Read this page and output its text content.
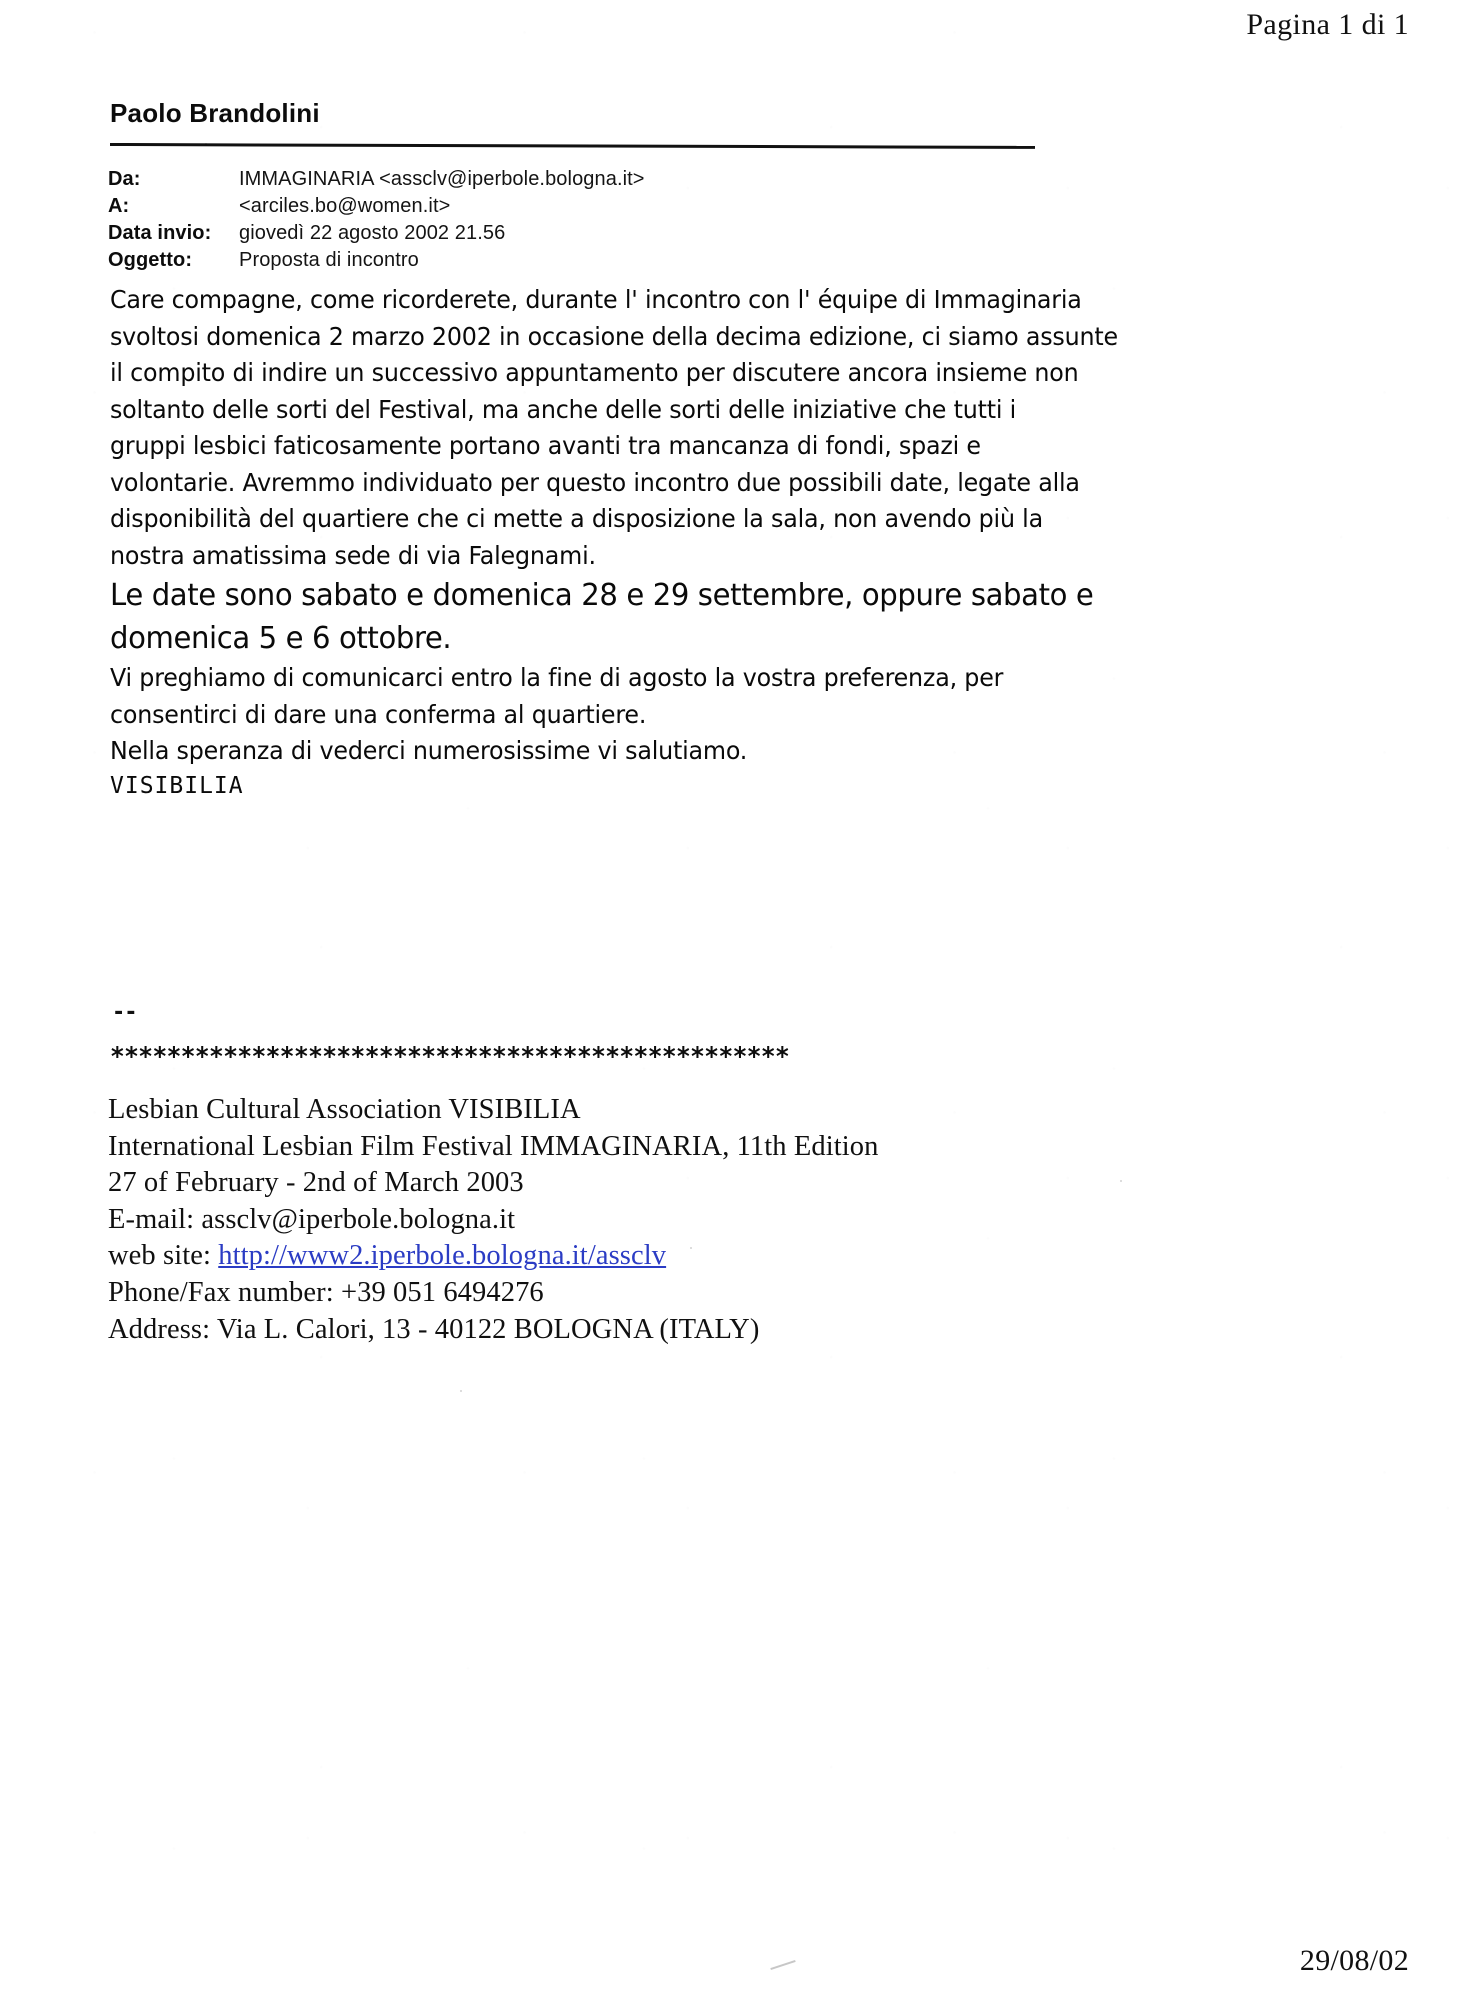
Pagina 1 di 1
Paolo Brandolini
Da:	IMMAGINARIA <assclv@iperbole.bologna.it>
A:	<arciles.bo@women.it>
Data invio:	giovedì 22 agosto 2002 21.56
Oggetto:	Proposta di incontro
Care compagne, come ricorderete, durante l' incontro con l' équipe di Immaginaria
svoltosi domenica 2 marzo 2002 in occasione della decima edizione, ci siamo assunte
il compito di indire un successivo appuntamento per discutere ancora insieme non
soltanto delle sorti del Festival, ma anche delle sorti delle iniziative che tutti i
gruppi lesbici faticosamente portano avanti tra mancanza di fondi, spazi e
volontarie. Avremmo individuato per questo incontro due possibili date, legate alla
disponibilità del quartiere che ci mette a disposizione la sala, non avendo più la
nostra amatissima sede di via Falegnami.
Le date sono sabato e domenica 28 e 29 settembre, oppure sabato e
domenica 5 e 6 ottobre.
Vi preghiamo di comunicarci entro la fine di agosto la vostra preferenza, per
consentirci di dare una conferma al quartiere.
Nella speranza di vederci numerosissime vi salutiamo.
VISIBILIA
--
************************************************
Lesbian Cultural Association VISIBILIA
International Lesbian Film Festival IMMAGINARIA, 11th Edition
27 of February - 2nd of March 2003
E-mail: assclv@iperbole.bologna.it
web site: http://www2.iperbole.bologna.it/assclv
Phone/Fax number: +39 051 6494276
Address: Via L. Calori, 13 - 40122 BOLOGNA (ITALY)
29/08/02
